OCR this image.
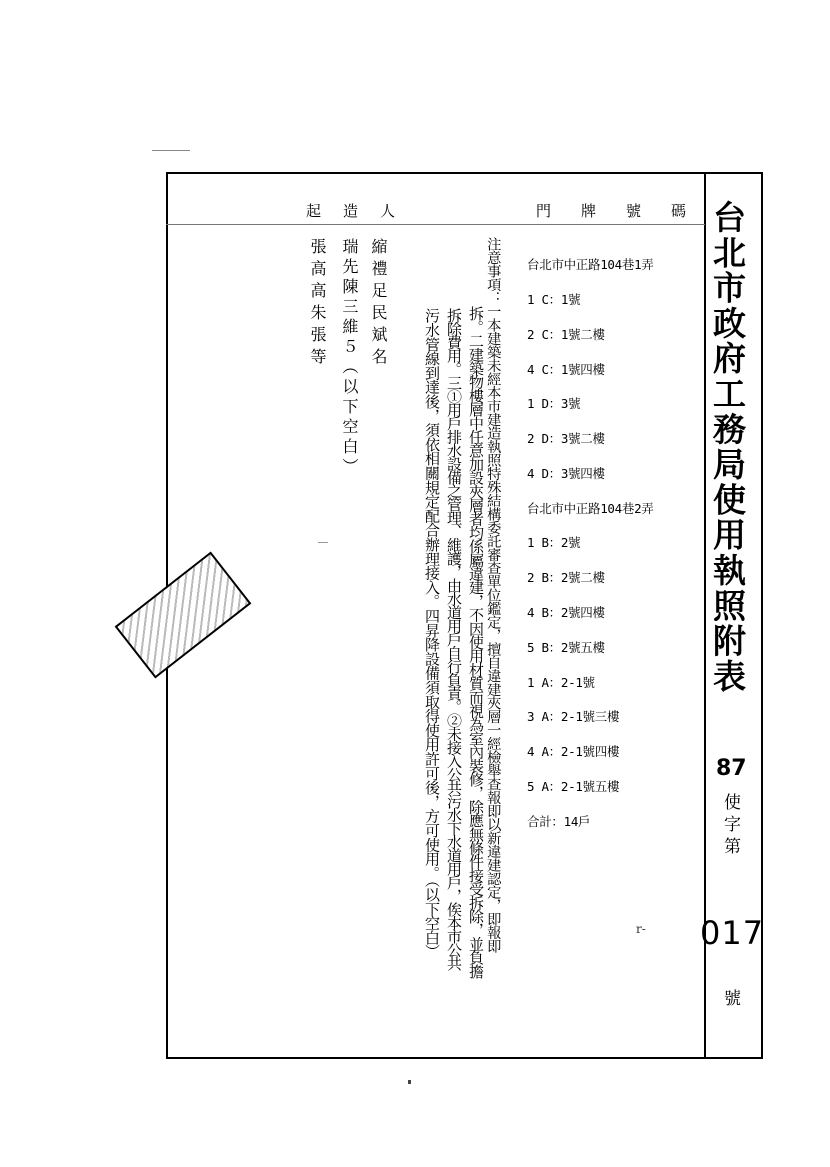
台北市政府工務局使用執照附表
起造人	門牌號碼
87
使字第
017
號
r-

台北市中正路104巷1弄

1 C：1號

2 C：1號二樓

4 C：1號四樓

1 D：3號

2 D：3號二樓

4 D：3號四樓

台北市中正路104巷2弄

1 B：2號

2 B：2號二樓

4 B：2號四樓

5 B：2號五樓

1 A：2-1號

3 A：2-1號三樓

4 A：2-1號四樓

5 A：2-1號五樓

合計：14戶

注意事項：一本建築未經本市建造執照特殊結構委託審查單位鑑定，擅自違建夾層一經檢舉查報即以新違建認定，即報即
拆。二建築物樓層中任意加設夾層者均係屬違建，不因使用材質而視為室內裝修，除應無條件接受拆除，並負擔
拆除費用。三①用戶排水設備之管理、維護，由水道用戶自行負責。②未接入公共污水下水道用戶，俟本市公共
污水管線到達後，須依相關規定配合辦理接入。四昇降設備須取得使用許可後，方可使用。（以下空白）
縮禮足民斌名
瑞先陳三維５（以下空白）
張高高朱張等
